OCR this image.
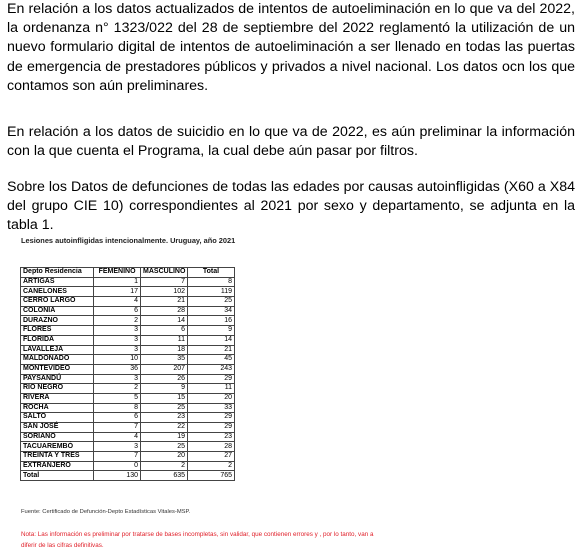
En relación a los datos actualizados de intentos de autoeliminación en lo que va del 2022, la ordenanza n° 1323/022 del 28 de septiembre del 2022 reglamentó la utilización de un nuevo formulario digital de intentos de autoeliminación a ser llenado en todas las puertas de emergencia de prestadores públicos y privados a nivel nacional. Los datos ocn los que contamos son aún preliminares.

En relación a los datos de suicidio en lo que va de 2022, es aún preliminar la información con la que cuenta el Programa, la cual debe aún pasar por filtros.

Sobre los Datos de defunciones de todas las edades por causas autoinfligidas (X60 a X84 del grupo CIE 10) correspondientes al 2021 por sexo y departamento, se adjunta en la tabla 1.

Lesiones autoinfligidas intencionalmente. Uruguay, año 2021
Depto Residencia	FEMENINO	MASCULINO	Total
ARTIGAS	1	7	8
CANELONES	17	102	119
CERRO LARGO	4	21	25
COLONIA	6	28	34
DURAZNO	2	14	16
FLORES	3	6	9
FLORIDA	3	11	14
LAVALLEJA	3	18	21
MALDONADO	10	35	45
MONTEVIDEO	36	207	243
PAYSANDÚ	3	26	29
RIO NEGRO	2	9	11
RIVERA	5	15	20
ROCHA	8	25	33
SALTO	6	23	29
SAN JOSÉ	7	22	29
SORIANO	4	19	23
TACUAREMBÓ	3	25	28
TREINTA Y TRES	7	20	27
EXTRANJERO	0	2	2
Total	130	635	765
Fuente: Certificado de Defunción-Depto Estadísticas Vitales-MSP.
Nota: Las información es preliminar por tratarse de bases incompletas, sin validar, que contienen errores y , por lo tanto, van a diferir de las cifras definitivas.
